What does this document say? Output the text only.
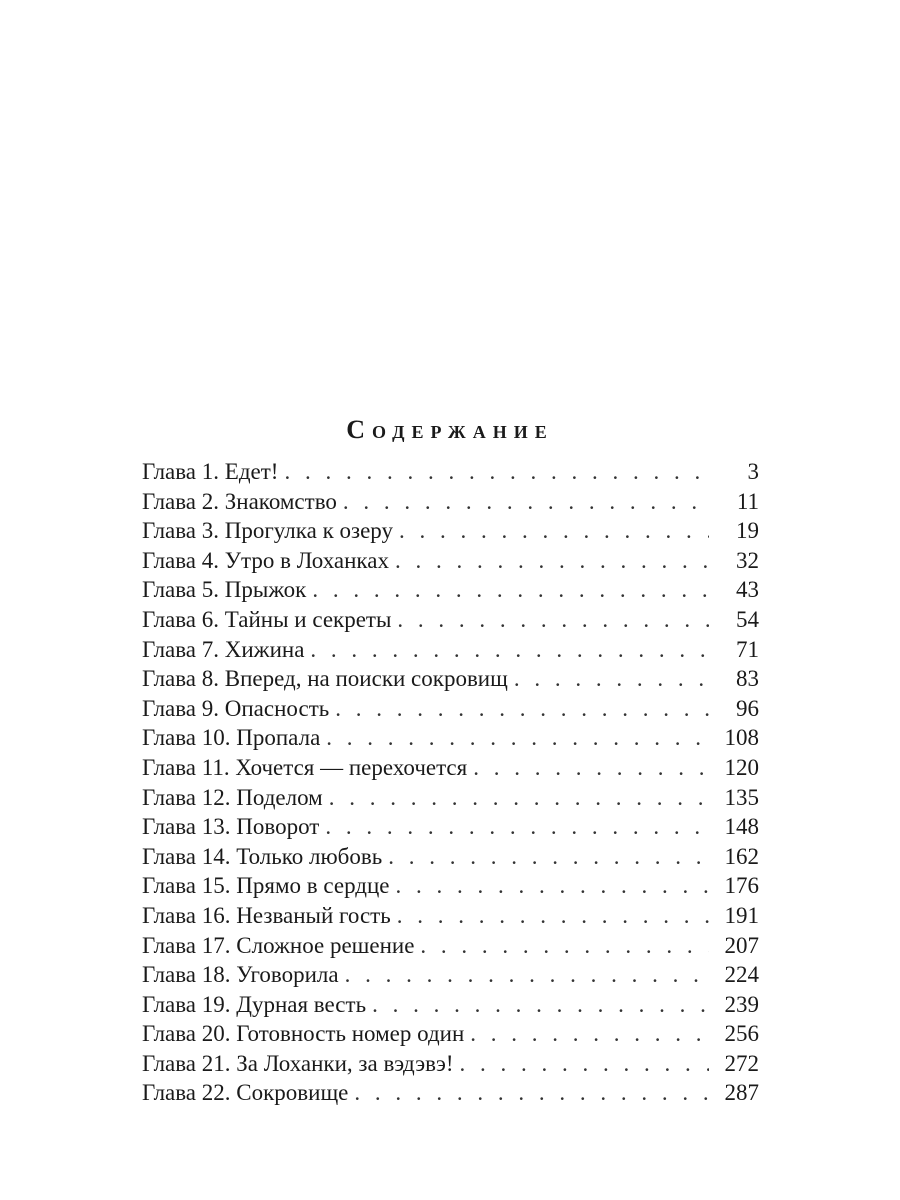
Содержание
Глава 1. Едет! . . .	3
Глава 2. Знакомство . . .	11
Глава 3. Прогулка к озеру . . .	19
Глава 4. Утро в Лоханках . . .	32
Глава 5. Прыжок . . .	43
Глава 6. Тайны и секреты . . .	54
Глава 7. Хижина . . .	71
Глава 8. Вперед, на поиски сокровищ . . .	83
Глава 9. Опасность . . .	96
Глава 10. Пропала . . .	108
Глава 11. Хочется — перехочется . . .	120
Глава 12. Поделом . . .	135
Глава 13. Поворот . . .	148
Глава 14. Только любовь . . .	162
Глава 15. Прямо в сердце . . .	176
Глава 16. Незваный гость . . .	191
Глава 17. Сложное решение . . .	207
Глава 18. Уговорила . . .	224
Глава 19. Дурная весть . . .	239
Глава 20. Готовность номер один . . .	256
Глава 21. За Лоханки, за вэдэвэ! . . .	272
Глава 22. Сокровище . . .	287
